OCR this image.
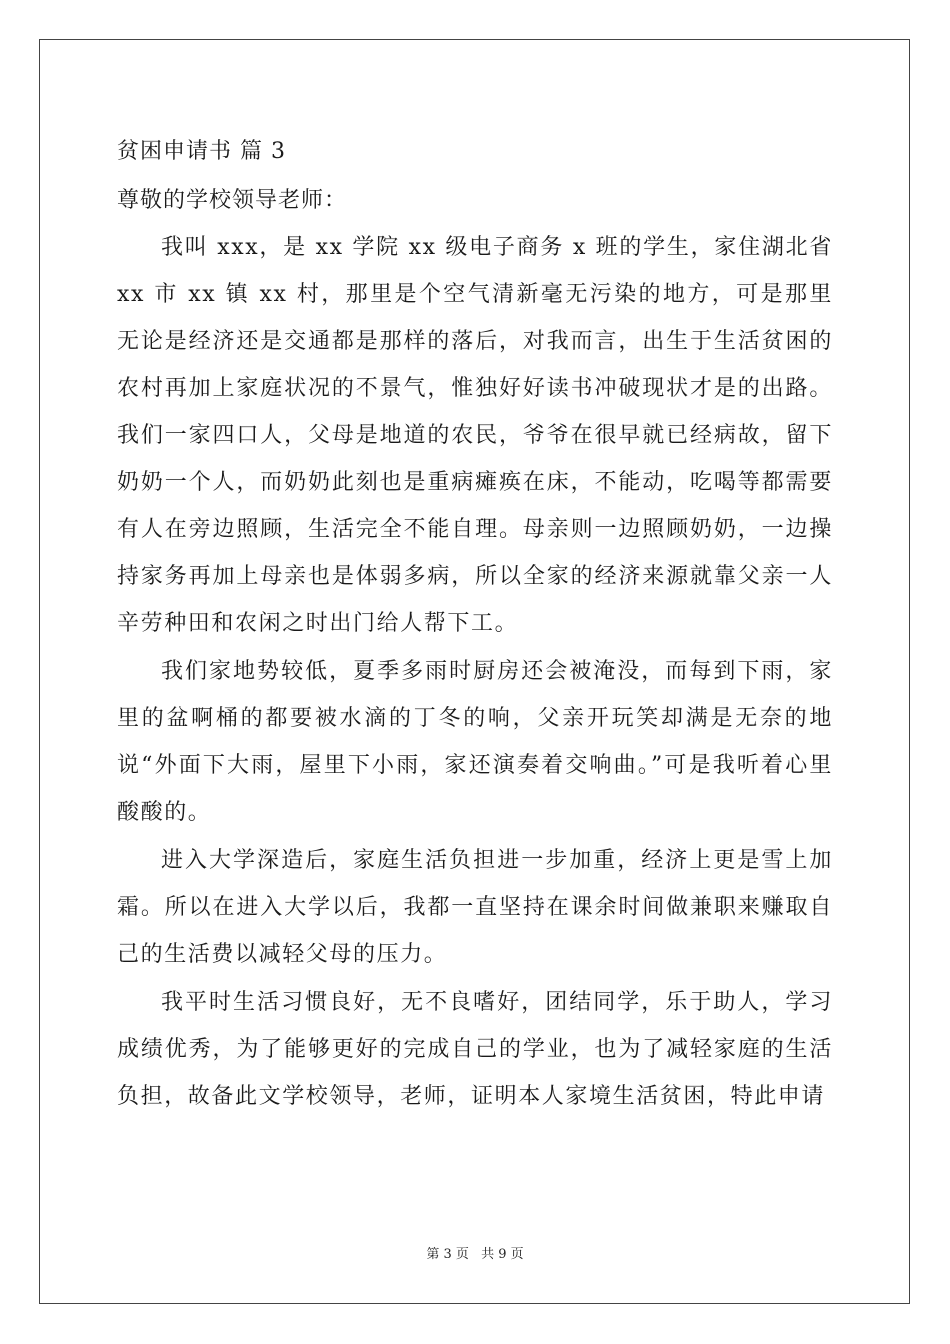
贫困申请书 篇 3

尊敬的学校领导老师：

我叫 xxx，是 xx 学院 xx 级电子商务 x 班的学生，家住湖北省 xx 市 xx 镇 xx 村，那里是个空气清新毫无污染的地方，可是那里无论是经济还是交通都是那样的落后，对我而言，出生于生活贫困的农村再加上家庭状况的不景气，惟独好好读书冲破现状才是的出路。我们一家四口人，父母是地道的农民，爷爷在很早就已经病故，留下奶奶一个人，而奶奶此刻也是重病瘫痪在床，不能动，吃喝等都需要有人在旁边照顾，生活完全不能自理。母亲则一边照顾奶奶，一边操持家务再加上母亲也是体弱多病，所以全家的经济来源就靠父亲一人辛劳种田和农闲之时出门给人帮下工。

我们家地势较低，夏季多雨时厨房还会被淹没，而每到下雨，家里的盆啊桶的都要被水滴的丁冬的响，父亲开玩笑却满是无奈的地说“外面下大雨，屋里下小雨，家还演奏着交响曲。”可是我听着心里酸酸的。

进入大学深造后，家庭生活负担进一步加重，经济上更是雪上加霜。所以在进入大学以后，我都一直坚持在课余时间做兼职来赚取自己的生活费以减轻父母的压力。

我平时生活习惯良好，无不良嗜好，团结同学，乐于助人，学习成绩优秀，为了能够更好的完成自己的学业，也为了减轻家庭的生活负担，故备此文学校领导，老师，证明本人家境生活贫困，特此申请

第 3 页 共 9 页
